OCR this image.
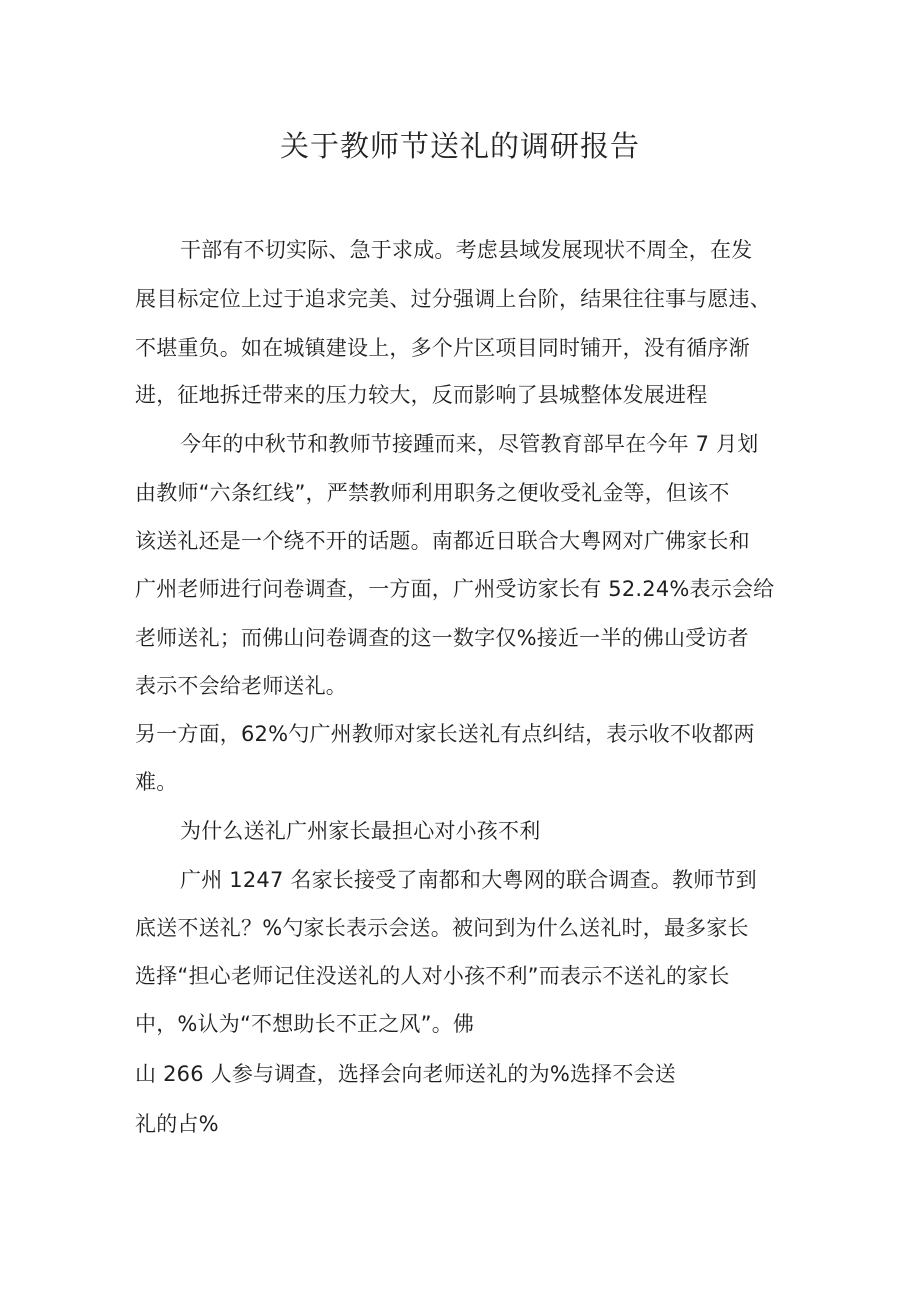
关于教师节送礼的调研报告
干部有不切实际、急于求成。考虑县域发展现状不周全，在发
展目标定位上过于追求完美、过分强调上台阶，结果往往事与愿违、
不堪重负。如在城镇建设上，多个片区项目同时铺开，没有循序渐
进，征地拆迁带来的压力较大，反而影响了县城整体发展进程
今年的中秋节和教师节接踵而来，尽管教育部早在今年 7 月划
由教师“六条红线”，严禁教师利用职务之便收受礼金等，但该不
该送礼还是一个绕不开的话题。南都近日联合大粤网对广佛家长和
广州老师进行问卷调查，一方面，广州受访家长有 52.24%表示会给
老师送礼；而佛山问卷调查的这一数字仅%接近一半的佛山受访者
表示不会给老师送礼。
另一方面，62%勺广州教师对家长送礼有点纠结，表示收不收都两
难。
为什么送礼广州家长最担心对小孩不利
广州 1247 名家长接受了南都和大粤网的联合调查。教师节到
底送不送礼？%勺家长表示会送。被问到为什么送礼时，最多家长
选择“担心老师记住没送礼的人对小孩不利”而表示不送礼的家长
中，%认为“不想助长不正之风”。佛
山 266 人参与调查，选择会向老师送礼的为%选择不会送
礼的占%
